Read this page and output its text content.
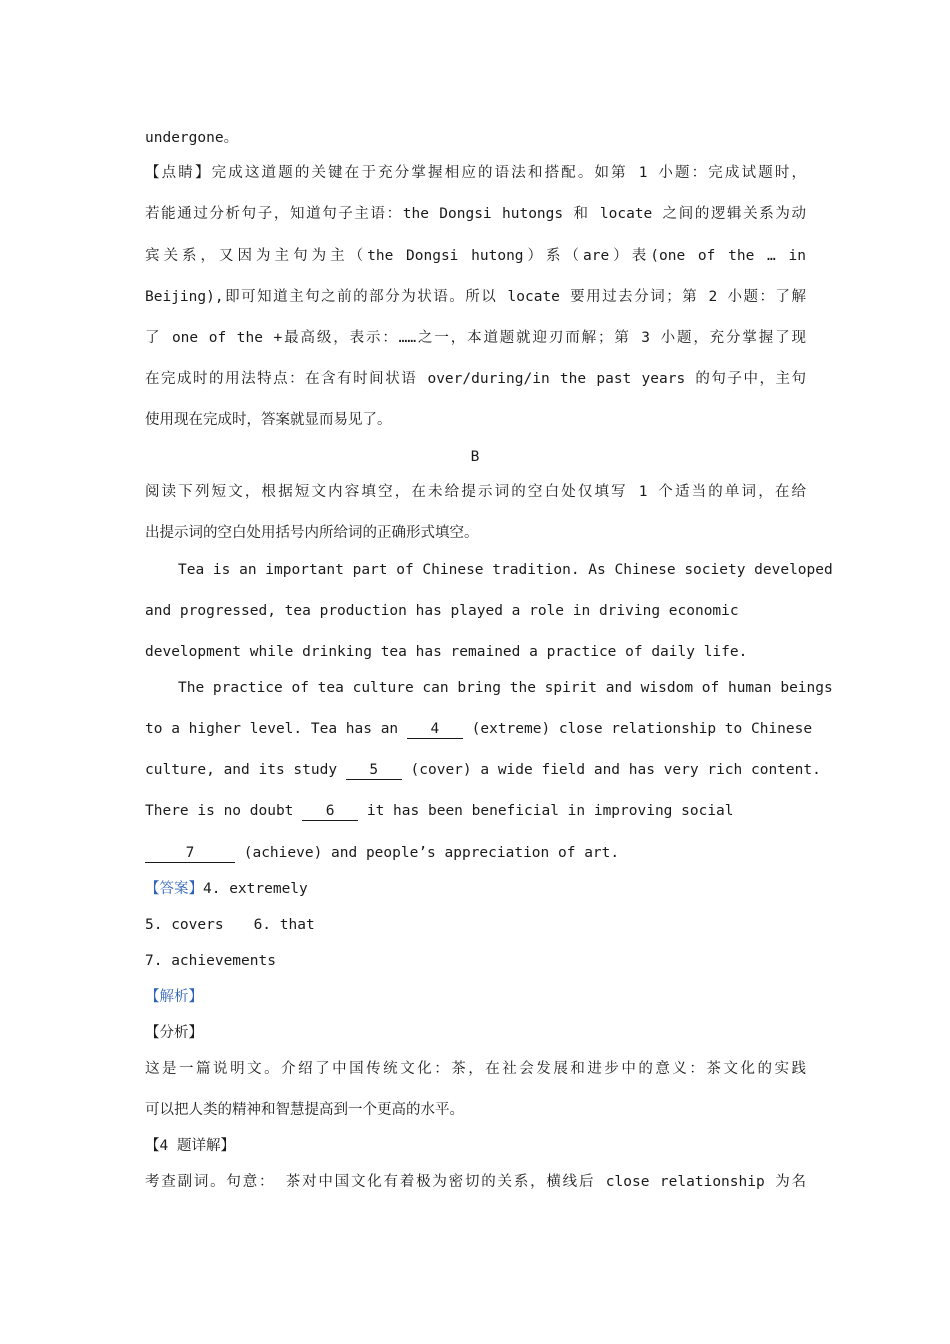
undergone。
【点睛】完成这道题的关键在于充分掌握相应的语法和搭配。如第 1 小题：完成试题时，
若能通过分析句子，知道句子主语：the Dongsi hutongs 和 locate 之间的逻辑关系为动
宾关系，又因为主句为主（the Dongsi hutong）系（are）表(one of the … in
Beijing),即可知道主句之前的部分为状语。所以 locate 要用过去分词；第 2 小题：了解
了 one of the +最高级，表示：……之一，本道题就迎刃而解；第 3 小题，充分掌握了现
在完成时的用法特点：在含有时间状语 over/during/in the past years 的句子中，主句
使用现在完成时，答案就显而易见了。
B
阅读下列短文，根据短文内容填空，在未给提示词的空白处仅填写 1 个适当的单词，在给
出提示词的空白处用括号内所给词的正确形式填空。
Tea is an important part of Chinese tradition. As Chinese society developed
and progressed, tea production has played a role in driving economic
development while drinking tea has remained a practice of daily life.
The practice of tea culture can bring the spirit and wisdom of human beings
to a higher level. Tea has an 4 (extreme) close relationship to Chinese
culture, and its study 5 (cover) a wide field and has very rich content.
There is no doubt 6 it has been beneficial in improving social
7	(achieve) and people’s appreciation of art.
【答案】4. extremely
5. covers 6. that
7. achievements
【解析】
【分析】
这是一篇说明文。介绍了中国传统文化：茶，在社会发展和进步中的意义：茶文化的实践
可以把人类的精神和智慧提高到一个更高的水平。
【4 题详解】
考查副词。句意： 茶对中国文化有着极为密切的关系，横线后 close relationship 为名
